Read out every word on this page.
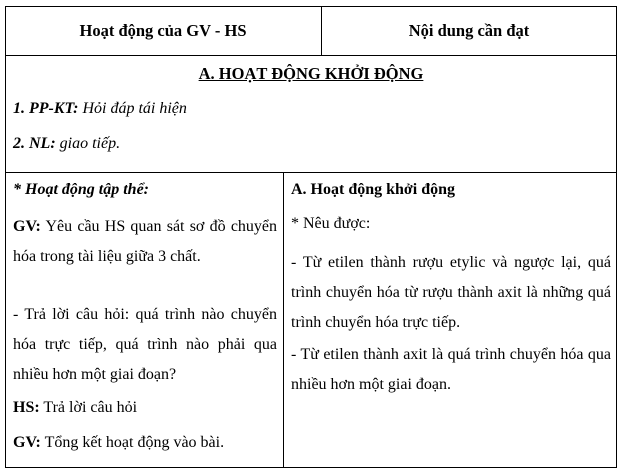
Hoạt động của GV - HS	Nội dung cần đạt
A. HOẠT ĐỘNG KHỞI ĐỘNG
1. PP-KT: Hỏi đáp tái hiện
2. NL: giao tiếp.
* Hoạt động tập thể:
GV: Yêu cầu HS quan sát sơ đồ chuyển hóa trong tài liệu giữa 3 chất.
- Trả lời câu hỏi: quá trình nào chuyển hóa trực tiếp, quá trình nào phải qua nhiều hơn một giai đoạn?
HS: Trả lời câu hỏi
GV: Tổng kết hoạt động vào bài.
A. Hoạt động khởi động
* Nêu được:
- Từ etilen thành rượu etylic và ngược lại, quá trình chuyển hóa từ rượu thành axit là những quá trình chuyển hóa trực tiếp.
- Từ etilen thành axit là quá trình chuyển hóa qua nhiều hơn một giai đoạn.
